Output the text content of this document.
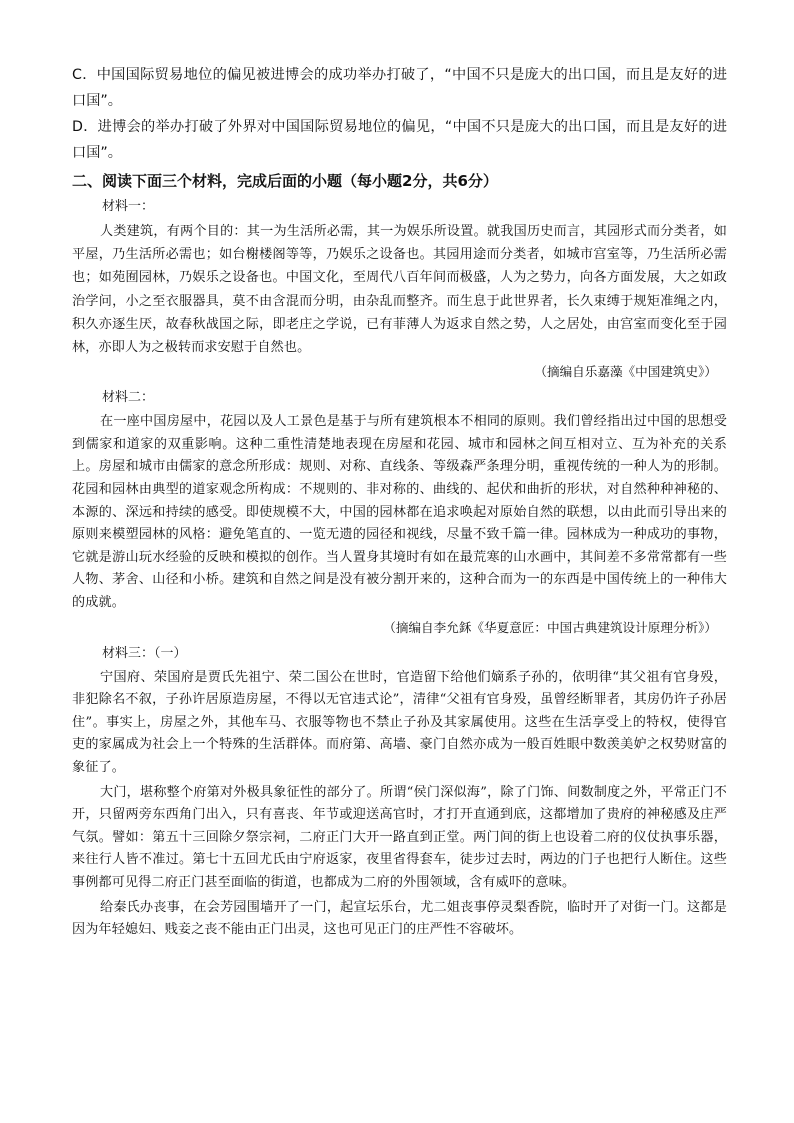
C．中国国际贸易地位的偏见被进博会的成功举办打破了，“中国不只是庞大的出口国，而且是友好的进口国”。

D．进博会的举办打破了外界对中国国际贸易地位的偏见，“中国不只是庞大的出口国，而且是友好的进口国”。

二、阅读下面三个材料，完成后面的小题（每小题2分，共6分）

材料一：

人类建筑，有两个目的：其一为生活所必需，其一为娱乐所设置。就我国历史而言，其园形式而分类者，如平屋，乃生活所必需也；如台榭楼阁等等，乃娱乐之设备也。其园用途而分类者，如城市宫室等，乃生活所必需也；如苑囿园林，乃娱乐之设备也。中国文化，至周代八百年间而极盛，人为之势力，向各方面发展，大之如政治学问，小之至衣服器具，莫不由含混而分明，由杂乱而整齐。而生息于此世界者，长久束缚于规矩准绳之内，积久亦逐生厌，故春秋战国之际，即老庄之学说，已有菲薄人为返求自然之势，人之居处，由宫室而变化至于园林，亦即人为之极转而求安慰于自然也。

（摘编自乐嘉藻《中国建筑史》）

材料二：

在一座中国房屋中，花园以及人工景色是基于与所有建筑根本不相同的原则。我们曾经指出过中国的思想受到儒家和道家的双重影响。这种二重性清楚地表现在房屋和花园、城市和园林之间互相对立、互为补充的关系上。房屋和城市由儒家的意念所形成：规则、对称、直线条、等级森严条理分明，重视传统的一种人为的形制。花园和园林由典型的道家观念所构成：不规则的、非对称的、曲线的、起伏和曲折的形状，对自然种种神秘的、本源的、深远和持续的感受。即使规模不大，中国的园林都在追求唤起对原始自然的联想，以由此而引导出来的原则来模塑园林的风格：避免笔直的、一览无遗的园径和视线，尽量不致千篇一律。园林成为一种成功的事物，它就是游山玩水经验的反映和模拟的创作。当人置身其境时有如在最荒寒的山水画中，其间差不多常常都有一些人物、茅舍、山径和小桥。建筑和自然之间是没有被分割开来的，这种合而为一的东西是中国传统上的一种伟大的成就。

（摘编自李允鉌《华夏意匠：中国古典建筑设计原理分析》）

材料三：（一）

宁国府、荣国府是贾氏先祖宁、荣二国公在世时，官造留下给他们嫡系子孙的，依明律“其父祖有官身殁，非犯除名不叙，子孙许居原造房屋，不得以无官违式论”，清律“父祖有官身殁，虽曾经断罪者，其房仍许子孙居住”。事实上，房屋之外，其他车马、衣服等物也不禁止子孙及其家属使用。这些在生活享受上的特权，使得官吏的家属成为社会上一个特殊的生活群体。而府第、高墙、豪门自然亦成为一般百姓眼中数羡美妒之权势财富的象征了。

大门，堪称整个府第对外极具象征性的部分了。所谓“侯门深似海”，除了门饰、间数制度之外，平常正门不开，只留两旁东西角门出入，只有喜丧、年节或迎送高官时，才打开直通到底，这都增加了贵府的神秘感及庄严气氛。譬如：第五十三回除夕祭宗祠，二府正门大开一路直到正堂。两门间的街上也设着二府的仪仗执事乐器，来往行人皆不准过。第七十五回尤氏由宁府返家，夜里省得套车，徒步过去时，两边的门子也把行人断住。这些事例都可见得二府正门甚至面临的街道，也都成为二府的外围领域，含有威吓的意味。

给秦氏办丧事，在会芳园围墙开了一门，起宣坛乐台，尤二姐丧事停灵梨香院，临时开了对街一门。这都是因为年轻媳妇、贱妾之丧不能由正门出灵，这也可见正门的庄严性不容破坏。
